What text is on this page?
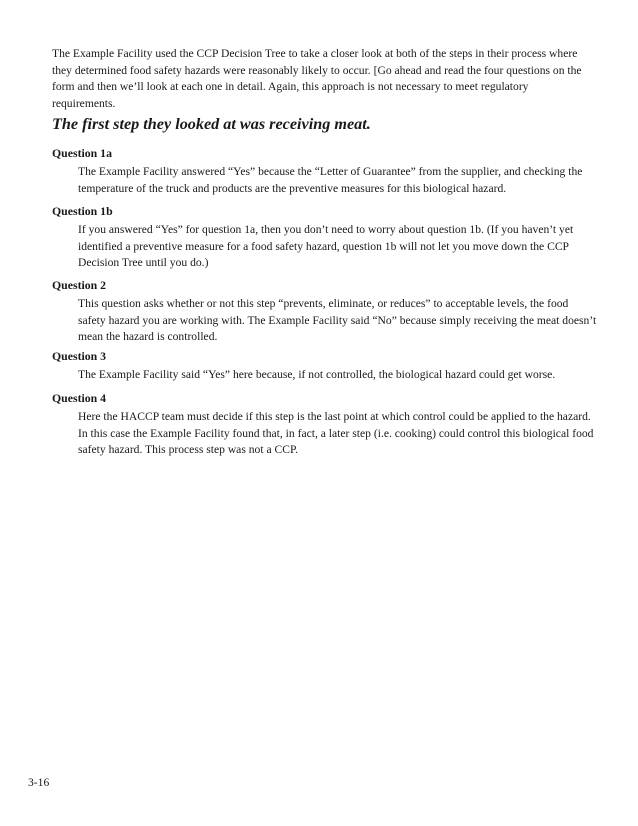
The Example Facility used the CCP Decision Tree to take a closer look at both of the steps in their process where they determined food safety hazards were reasonably likely to occur. [Go ahead and read the four questions on the form and then we’ll look at each one in detail. Again, this approach is not necessary to meet regulatory requirements.

The first step they looked at was receiving meat.

Question 1a

The Example Facility answered “Yes” because the “Letter of Guarantee” from the supplier, and checking the temperature of the truck and products are the preventive measures for this biological hazard.

Question 1b

If you answered “Yes” for question 1a, then you don’t need to worry about question 1b. (If you haven’t yet identified a preventive measure for a food safety hazard, question 1b will not let you move down the CCP Decision Tree until you do.)

Question 2

This question asks whether or not this step “prevents, eliminate, or reduces” to acceptable levels, the food safety hazard you are working with. The Example Facility said “No” because simply receiving the meat doesn’t mean the hazard is controlled.

Question 3

The Example Facility said “Yes” here because, if not controlled, the biological hazard could get worse.

Question 4

Here the HACCP team must decide if this step is the last point at which control could be applied to the hazard. In this case the Example Facility found that, in fact, a later step (i.e. cooking) could control this biological food safety hazard. This process step was not a CCP.

3-16
